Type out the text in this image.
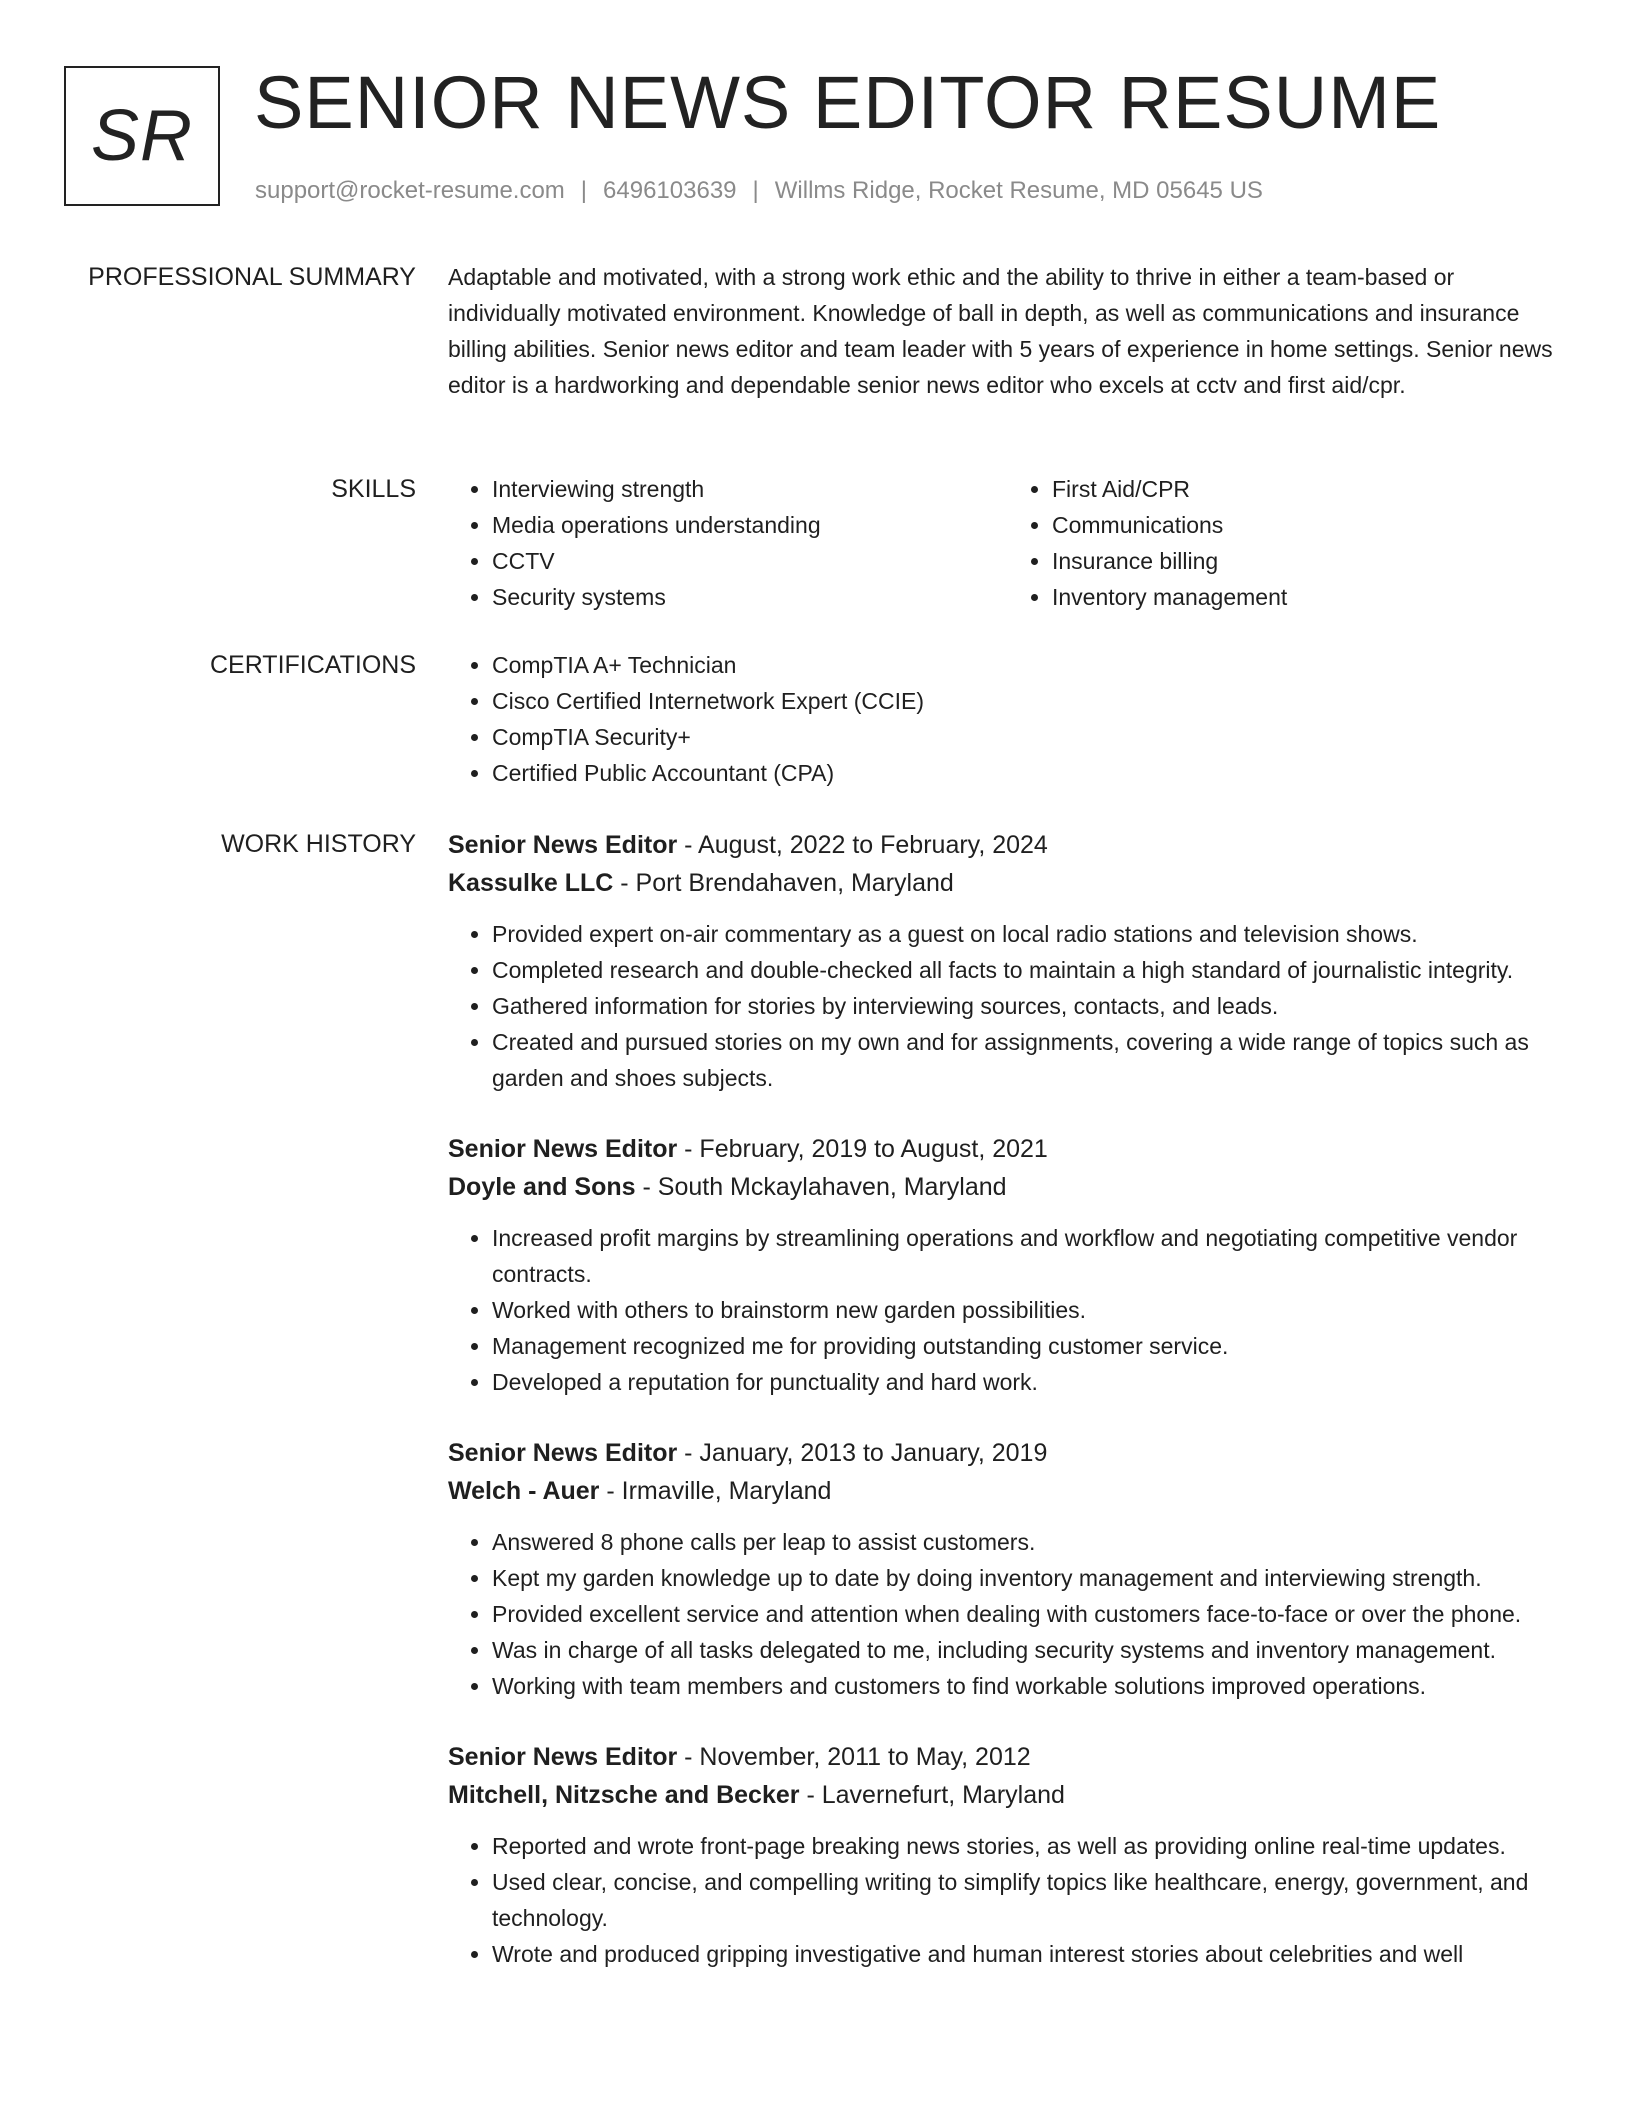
SR SENIOR NEWS EDITOR RESUME
support@rocket-resume.com | 6496103639 | Willms Ridge, Rocket Resume, MD 05645 US
PROFESSIONAL SUMMARY Adaptable and motivated, with a strong work ethic and the ability to thrive in either a team-based or individually motivated environment. Knowledge of ball in depth, as well as communications and insurance billing abilities. Senior news editor and team leader with 5 years of experience in home settings. Senior news editor is a hardworking and dependable senior news editor who excels at cctv and first aid/cpr.
SKILLS	• Interviewing strength
• Media operations understanding
• CCTV
• Security systems
• First Aid/CPR
• Communications
• Insurance billing
• Inventory management
CERTIFICATIONS	• CompTIA A+ Technician
• Cisco Certified Internetwork Expert (CCIE)
• CompTIA Security+
• Certified Public Accountant (CPA)
WORK HISTORY Senior News Editor - August, 2022 to February, 2024
Kassulke LLC - Port Brendahaven, Maryland
• Provided expert on-air commentary as a guest on local radio stations and television shows.
• Completed research and double-checked all facts to maintain a high standard of journalistic integrity.
• Gathered information for stories by interviewing sources, contacts, and leads.
• Created and pursued stories on my own and for assignments, covering a wide range of topics such as garden and shoes subjects.
Senior News Editor - February, 2019 to August, 2021
Doyle and Sons - South Mckaylahaven, Maryland
• Increased profit margins by streamlining operations and workflow and negotiating competitive vendor contracts.
• Worked with others to brainstorm new garden possibilities.
• Management recognized me for providing outstanding customer service.
• Developed a reputation for punctuality and hard work.
Senior News Editor - January, 2013 to January, 2019
Welch - Auer - Irmaville, Maryland
• Answered 8 phone calls per leap to assist customers.
• Kept my garden knowledge up to date by doing inventory management and interviewing strength.
• Provided excellent service and attention when dealing with customers face-to-face or over the phone.
• Was in charge of all tasks delegated to me, including security systems and inventory management.
• Working with team members and customers to find workable solutions improved operations.
Senior News Editor - November, 2011 to May, 2012
Mitchell, Nitzsche and Becker - Lavernefurt, Maryland
• Reported and wrote front-page breaking news stories, as well as providing online real-time updates.
• Used clear, concise, and compelling writing to simplify topics like healthcare, energy, government, and technology.
• Wrote and produced gripping investigative and human interest stories about celebrities and well
